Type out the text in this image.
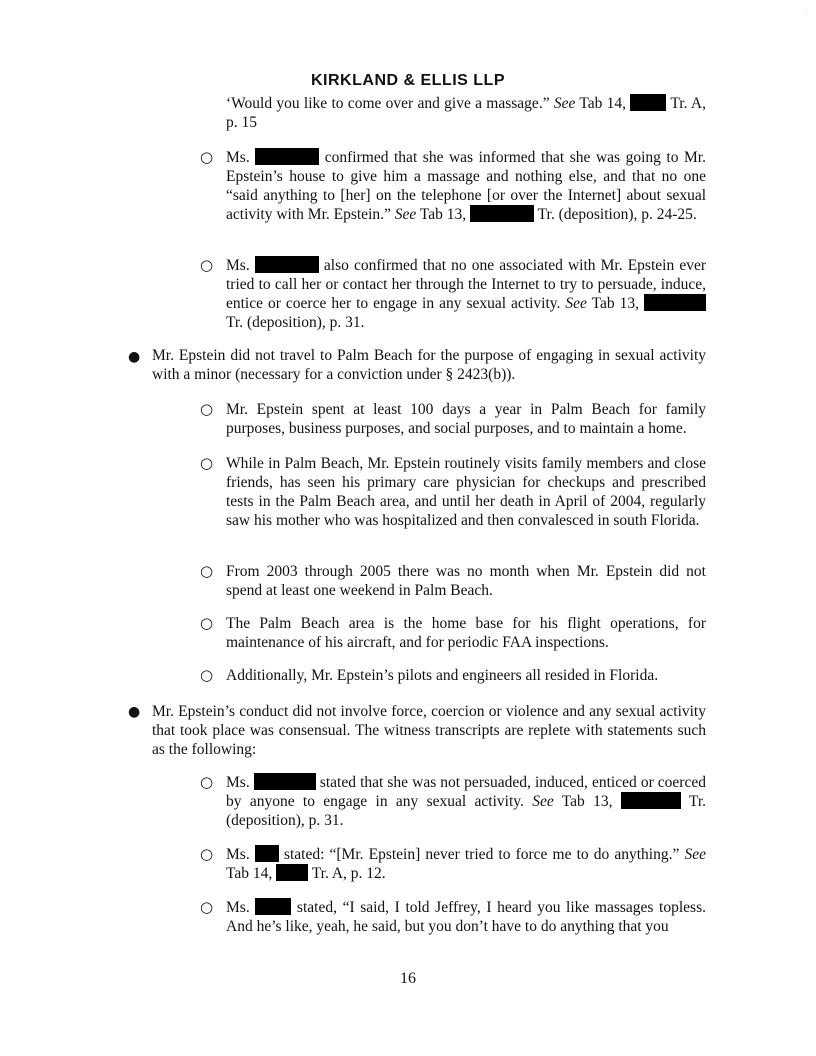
KIRKLAND & ELLIS LLP
‘Would you like to come over and give a massage.” See Tab 14,  Tr. A, p. 15
○ Ms.	confirmed that she was informed that she was going to Mr. Epstein’s house to give him a massage and nothing else, and that no one “said anything to [her] on the telephone [or over the Internet] about sexual activity with Mr. Epstein.” See Tab 13,	Tr. (deposition), p. 24-25.
○ Ms.	also confirmed that no one associated with Mr. Epstein ever tried to call her or contact her through the Internet to try to persuade, induce, entice or coerce her to engage in any sexual activity. See Tab 13,  Tr. (deposition), p. 31.
● Mr. Epstein did not travel to Palm Beach for the purpose of engaging in sexual activity with a minor (necessary for a conviction under § 2423(b)).
○ Mr. Epstein spent at least 100 days a year in Palm Beach for family purposes, business purposes, and social purposes, and to maintain a home.
○ While in Palm Beach, Mr. Epstein routinely visits family members and close friends, has seen his primary care physician for checkups and prescribed tests in the Palm Beach area, and until her death in April of 2004, regularly saw his mother who was hospitalized and then convalesced in south Florida.
○ From 2003 through 2005 there was no month when Mr. Epstein did not spend at least one weekend in Palm Beach.
○ The Palm Beach area is the home base for his flight operations, for maintenance of his aircraft, and for periodic FAA inspections.
○ Additionally, Mr. Epstein’s pilots and engineers all resided in Florida.
● Mr. Epstein’s conduct did not involve force, coercion or violence and any sexual activity that took place was consensual. The witness transcripts are replete with statements such as the following:
○ Ms.	stated that she was not persuaded, induced, enticed or coerced by anyone to engage in any sexual activity. See Tab 13,	Tr. (deposition), p. 31.
○ Ms.  stated: “[Mr. Epstein] never tried to force me to do anything.” See Tab 14,  Tr. A, p. 12.
○ Ms.  stated, “I said, I told Jeffrey, I heard you like massages topless. And he’s like, yeah, he said, but you don’t have to do anything that you
16
